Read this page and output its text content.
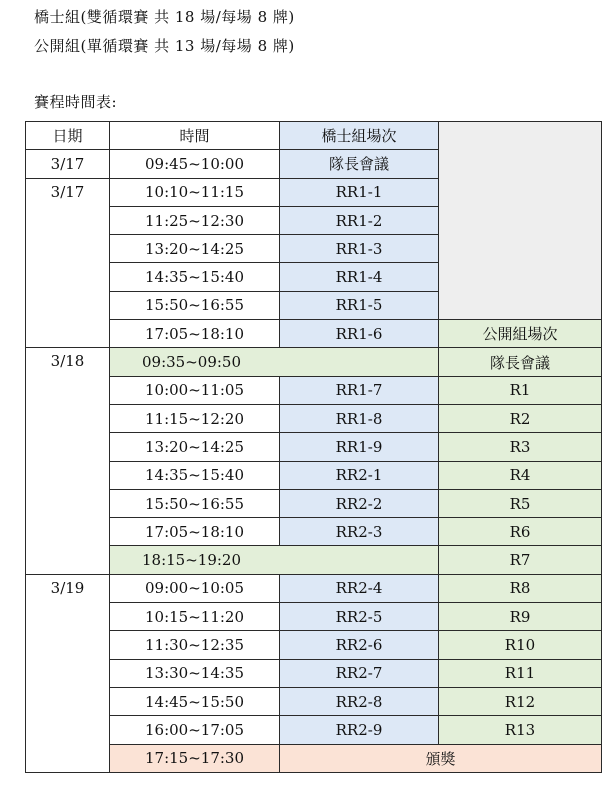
橋士組(雙循環賽 共 18 場/每場 8 牌)
公開組(單循環賽 共 13 場/每場 8 牌)
賽程時間表:
日期	時間	橋士組場次	
3/17	09:45~10:00	隊長會議	
3/17	10:10~11:15	RR1-1	
	11:25~12:30	RR1-2	
	13:20~14:25	RR1-3	
	14:35~15:40	RR1-4	
	15:50~16:55	RR1-5	
	17:05~18:10	RR1-6	公開組場次
3/18	09:35~09:50		隊長會議
	10:00~11:05	RR1-7	R1
	11:15~12:20	RR1-8	R2
	13:20~14:25	RR1-9	R3
	14:35~15:40	RR2-1	R4
	15:50~16:55	RR2-2	R5
	17:05~18:10	RR2-3	R6
	18:15~19:20		R7
3/19	09:00~10:05	RR2-4	R8
	10:15~11:20	RR2-5	R9
	11:30~12:35	RR2-6	R10
	13:30~14:35	RR2-7	R11
	14:45~15:50	RR2-8	R12
	16:00~17:05	RR2-9	R13
	17:15~17:30	頒獎	
